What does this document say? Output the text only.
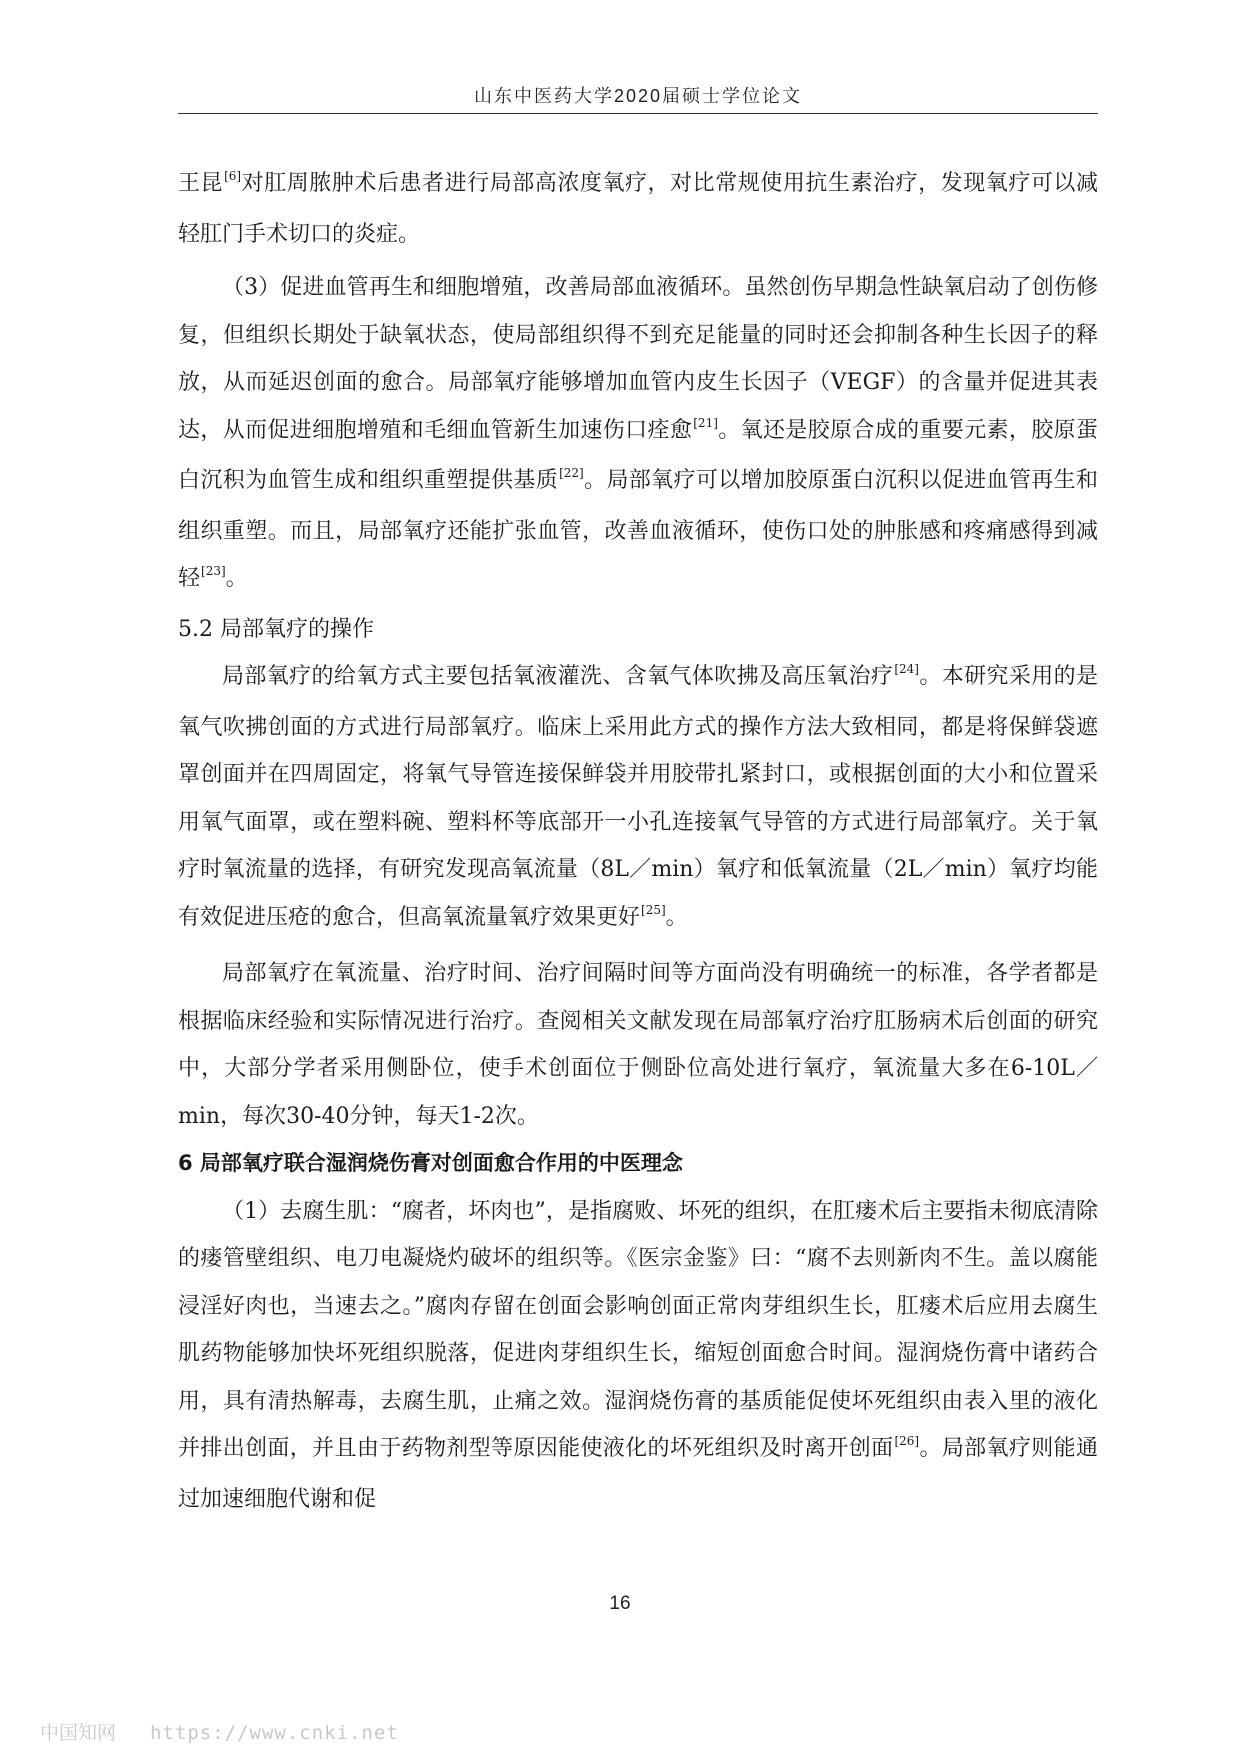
山东中医药大学2020届硕士学位论文

王昆[6]对肛周脓肿术后患者进行局部高浓度氧疗，对比常规使用抗生素治疗，发现氧疗可以减轻肛门手术切口的炎症。

（3）促进血管再生和细胞增殖，改善局部血液循环。虽然创伤早期急性缺氧启动了创伤修复，但组织长期处于缺氧状态，使局部组织得不到充足能量的同时还会抑制各种生长因子的释放，从而延迟创面的愈合。局部氧疗能够增加血管内皮生长因子（VEGF）的含量并促进其表达，从而促进细胞增殖和毛细血管新生加速伤口痊愈[21]。氧还是胶原合成的重要元素，胶原蛋白沉积为血管生成和组织重塑提供基质[22]。局部氧疗可以增加胶原蛋白沉积以促进血管再生和组织重塑。而且，局部氧疗还能扩张血管，改善血液循环，使伤口处的肿胀感和疼痛感得到减轻[23]。

5.2 局部氧疗的操作

局部氧疗的给氧方式主要包括氧液灌洗、含氧气体吹拂及高压氧治疗[24]。本研究采用的是氧气吹拂创面的方式进行局部氧疗。临床上采用此方式的操作方法大致相同，都是将保鲜袋遮罩创面并在四周固定，将氧气导管连接保鲜袋并用胶带扎紧封口，或根据创面的大小和位置采用氧气面罩，或在塑料碗、塑料杯等底部开一小孔连接氧气导管的方式进行局部氧疗。关于氧疗时氧流量的选择，有研究发现高氧流量（8L／min）氧疗和低氧流量（2L／min）氧疗均能有效促进压疮的愈合，但高氧流量氧疗效果更好[25]。

局部氧疗在氧流量、治疗时间、治疗间隔时间等方面尚没有明确统一的标准，各学者都是根据临床经验和实际情况进行治疗。查阅相关文献发现在局部氧疗治疗肛肠病术后创面的研究中，大部分学者采用侧卧位，使手术创面位于侧卧位高处进行氧疗，氧流量大多在6-10L／min，每次30-40分钟，每天1-2次。

6 局部氧疗联合湿润烧伤膏对创面愈合作用的中医理念

（1）去腐生肌：“腐者，坏肉也”，是指腐败、坏死的组织，在肛瘘术后主要指未彻底清除的瘘管壁组织、电刀电凝烧灼破坏的组织等。《医宗金鉴》曰：“腐不去则新肉不生。盖以腐能浸淫好肉也，当速去之。”腐肉存留在创面会影响创面正常肉芽组织生长，肛瘘术后应用去腐生肌药物能够加快坏死组织脱落，促进肉芽组织生长，缩短创面愈合时间。湿润烧伤膏中诸药合用，具有清热解毒，去腐生肌，止痛之效。湿润烧伤膏的基质能促使坏死组织由表入里的液化并排出创面，并且由于药物剂型等原因能使液化的坏死组织及时离开创面[26]。局部氧疗则能通过加速细胞代谢和促

16
中国知网 https://www.cnki.net
